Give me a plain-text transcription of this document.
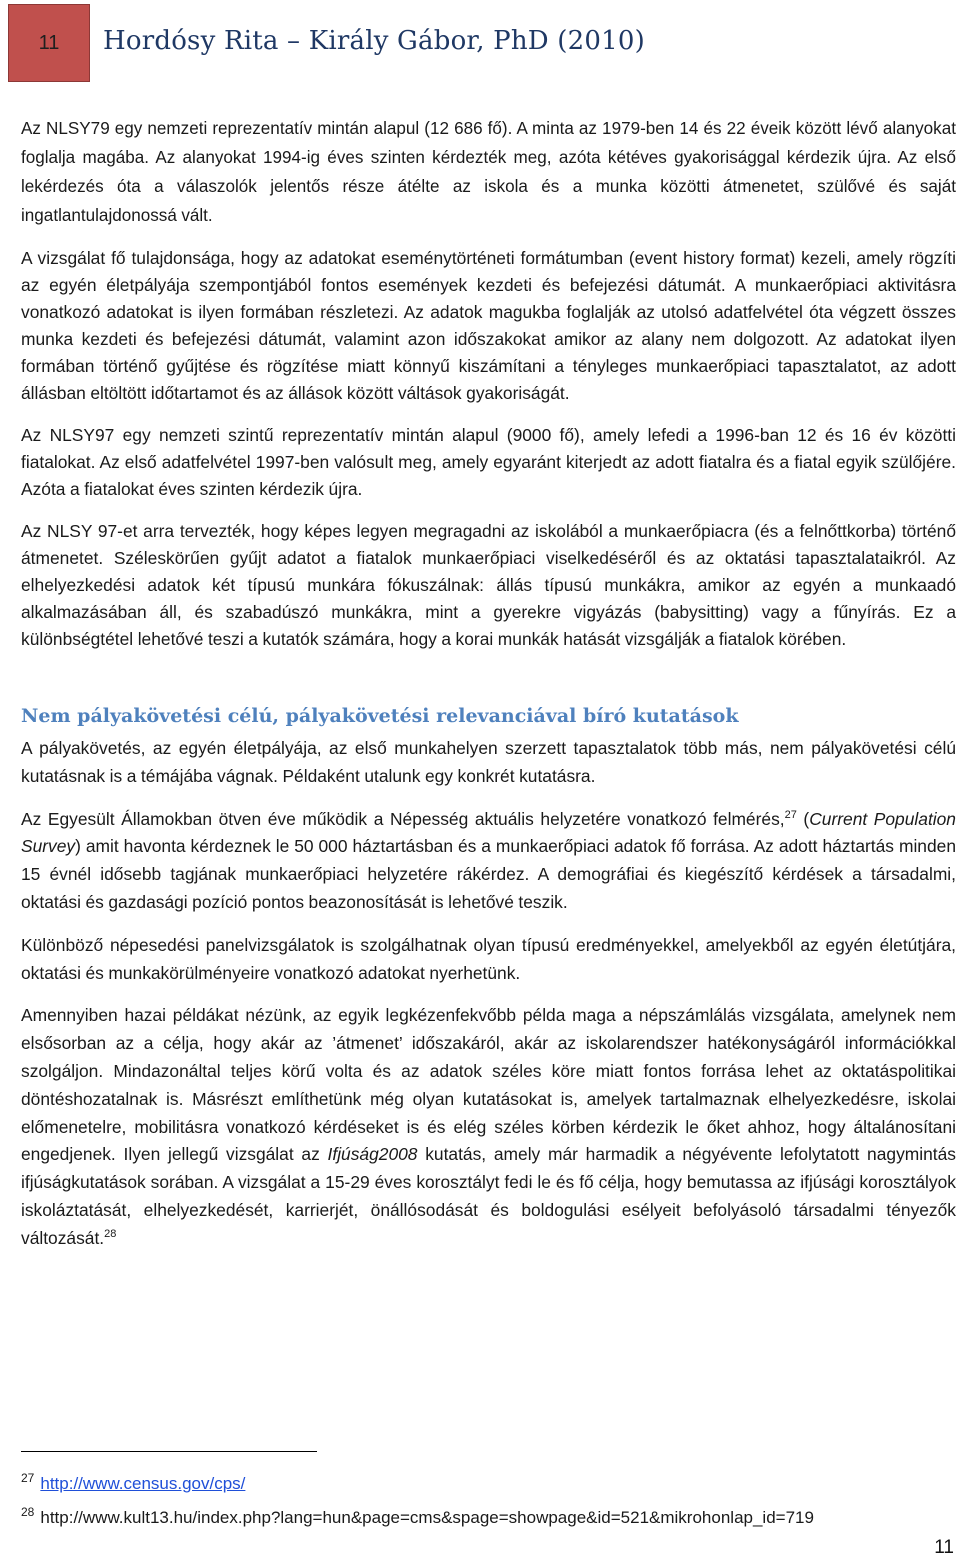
11 Hordósy Rita – Király Gábor, PhD (2010)

Az NLSY79 egy nemzeti reprezentatív mintán alapul (12 686 fő). A minta az 1979-ben 14 és 22 éveik között lévő alanyokat foglalja magába. Az alanyokat 1994-ig éves szinten kérdezték meg, azóta kétéves gyakorisággal kérdezik újra. Az első lekérdezés óta a válaszolók jelentős része átélte az iskola és a munka közötti átmenetet, szülővé és saját ingatlantulajdonossá vált.

A vizsgálat fő tulajdonsága, hogy az adatokat eseménytörténeti formátumban (event history format) kezeli, amely rögzíti az egyén életpályája szempontjából fontos események kezdeti és befejezési dátumát. A munkaerőpiaci aktivitásra vonatkozó adatokat is ilyen formában részletezi. Az adatok magukba foglalják az utolsó adatfelvétel óta végzett összes munka kezdeti és befejezési dátumát, valamint azon időszakokat amikor az alany nem dolgozott. Az adatokat ilyen formában történő gyűjtése és rögzítése miatt könnyű kiszámítani a tényleges munkaerőpiaci tapasztalatot, az adott állásban eltöltött időtartamot és az állások között váltások gyakoriságát.

Az NLSY97 egy nemzeti szintű reprezentatív mintán alapul (9000 fő), amely lefedi a 1996-ban 12 és 16 év közötti fiatalokat. Az első adatfelvétel 1997-ben valósult meg, amely egyaránt kiterjedt az adott fiatalra és a fiatal egyik szülőjére. Azóta a fiatalokat éves szinten kérdezik újra.

Az NLSY 97-et arra tervezték, hogy képes legyen megragadni az iskolából a munkaerőpiacra (és a felnőttkorba) történő átmenetet. Széleskörűen gyűjt adatot a fiatalok munkaerőpiaci viselkedéséről és az oktatási tapasztalataikról. Az elhelyezkedési adatok két típusú munkára fókuszálnak: állás típusú munkákra, amikor az egyén a munkaadó alkalmazásában áll, és szabadúszó munkákra, mint a gyerekre vigyázás (babysitting) vagy a fűnyírás. Ez a különbségtétel lehetővé teszi a kutatók számára, hogy a korai munkák hatását vizsgálják a fiatalok körében.

Nem pályakövetési célú, pályakövetési relevanciával bíró kutatások

A pályakövetés, az egyén életpályája, az első munkahelyen szerzett tapasztalatok több más, nem pályakövetési célú kutatásnak is a témájába vágnak. Példaként utalunk egy konkrét kutatásra.

Az Egyesült Államokban ötven éve működik a Népesség aktuális helyzetére vonatkozó felmérés,$^{27}$ (Current Population Survey) amit havonta kérdeznek le 50 000 háztartásban és a munkaerőpiaci adatok fő forrása. Az adott háztartás minden 15 évnél idősebb tagjának munkaerőpiaci helyzetére rákérdez. A demográfiai és kiegészítő kérdések a társadalmi, oktatási és gazdasági pozíció pontos beazonosítását is lehetővé teszik.

Különböző népesedési panelvizsgálatok is szolgálhatnak olyan típusú eredményekkel, amelyekből az egyén életútjára, oktatási és munkakörülményeire vonatkozó adatokat nyerhetünk.

Amennyiben hazai példákat nézünk, az egyik legkézenfekvőbb példa maga a népszámlálás vizsgálata, amelynek nem elsősorban az a célja, hogy akár az ’átmenet’ időszakáról, akár az iskolarendszer hatékonyságáról információkkal szolgáljon. Mindazonáltal teljes körű volta és az adatok széles köre miatt fontos forrása lehet az oktatáspolitikai döntéshozatalnak is. Másrészt említhetünk még olyan kutatásokat is, amelyek tartalmaznak elhelyezkedésre, iskolai előmenetelre, mobilitásra vonatkozó kérdéseket is és elég széles körben kérdezik le őket ahhoz, hogy általánosítani engedjenek. Ilyen jellegű vizsgálat az Ifjúság2008 kutatás, amely már harmadik a négyévente lefolytatott nagymintás ifjúságkutatások sorában. A vizsgálat a 15-29 éves korosztályt fedi le és fő célja, hogy bemutassa az ifjúsági korosztályok iskoláztatását, elhelyezkedését, karrierjét, önállósodását és boldogulási esélyeit befolyásoló társadalmi tényezők változását.$^{28}$

$^{27}$ http://www.census.gov/cps/
$^{28}$ http://www.kult13.hu/index.php?lang=hun&page=cms&spage=showpage&id=521&mikrohonlap_id=719
11
